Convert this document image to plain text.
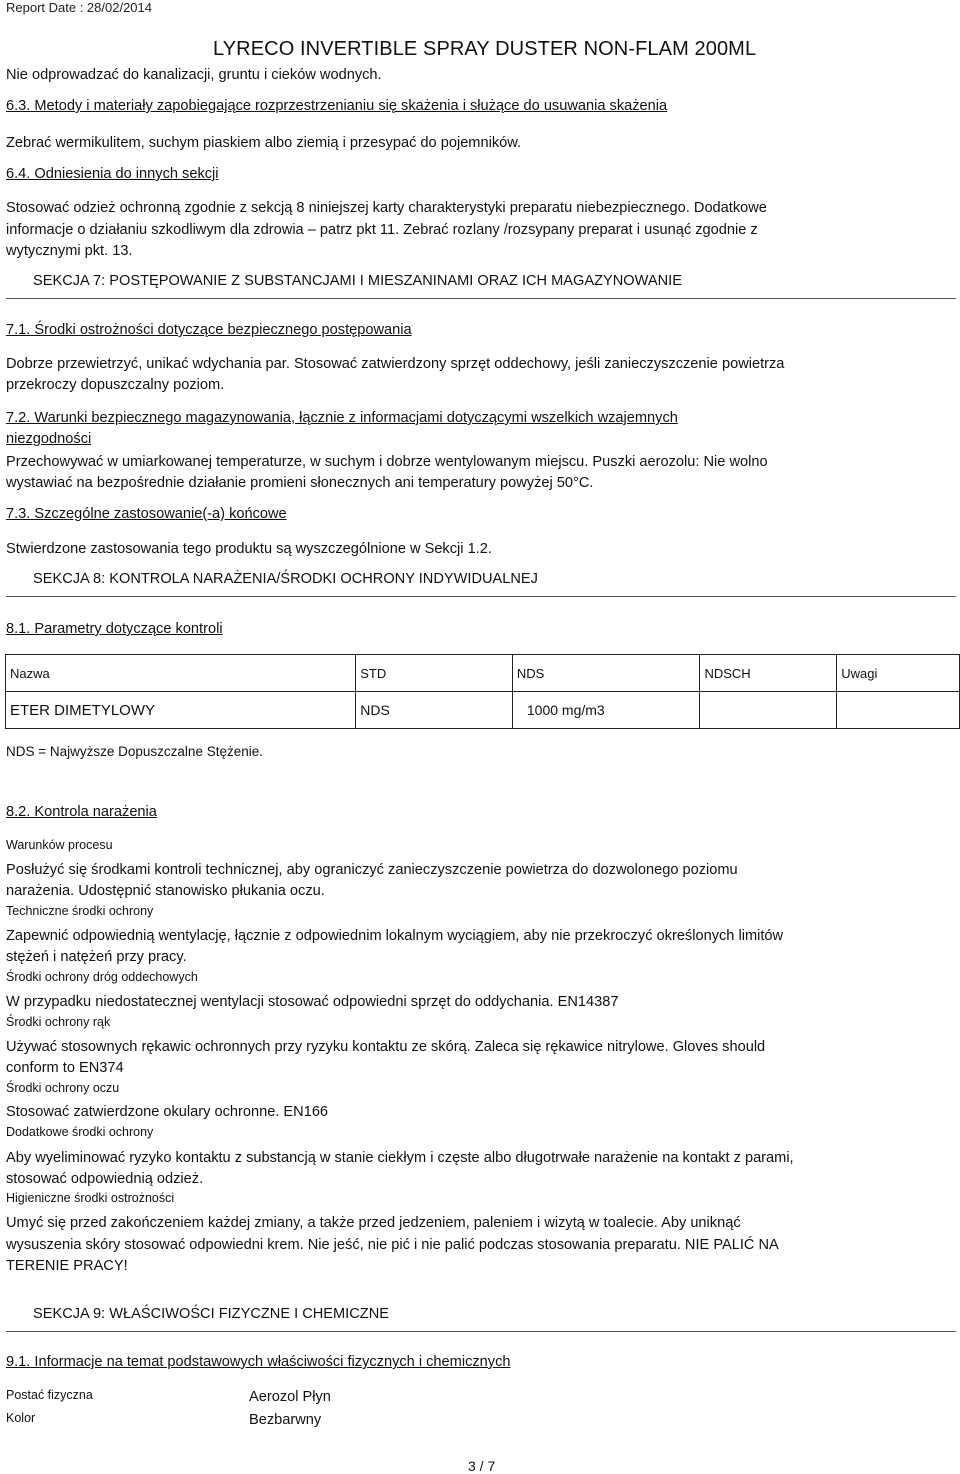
Report Date : 28/02/2014
LYRECO INVERTIBLE SPRAY DUSTER NON-FLAM 200ML
Nie odprowadzać do kanalizacji, gruntu i cieków wodnych.
6.3. Metody i materiały zapobiegające rozprzestrzenianiu się skażenia i służące do usuwania skażenia
Zebrać wermikulitem, suchym piaskiem albo ziemią i przesypać do pojemników.
6.4. Odniesienia do innych sekcji
Stosować odzież ochronną zgodnie z sekcją 8 niniejszej karty charakterystyki preparatu niebezpiecznego. Dodatkowe
informacje o działaniu szkodliwym dla zdrowia – patrz pkt 11. Zebrać rozlany /rozsypany preparat i usunąć zgodnie z
wytycznymi pkt. 13.
SEKCJA 7: POSTĘPOWANIE Z SUBSTANCJAMI I MIESZANINAMI ORAZ ICH MAGAZYNOWANIE
7.1. Środki ostrożności dotyczące bezpiecznego postępowania
Dobrze przewietrzyć, unikać wdychania par. Stosować zatwierdzony sprzęt oddechowy, jeśli zanieczyszczenie powietrza
przekroczy dopuszczalny poziom.
7.2. Warunki bezpiecznego magazynowania, łącznie z informacjami dotyczącymi wszelkich wzajemnych
niezgodności
Przechowywać w umiarkowanej temperaturze, w suchym i dobrze wentylowanym miejscu. Puszki aerozolu: Nie wolno
wystawiać na bezpośrednie działanie promieni słonecznych ani temperatury powyżej 50°C.
7.3. Szczególne zastosowanie(-a) końcowe
Stwierdzone zastosowania tego produktu są wyszczególnione w Sekcji 1.2.
SEKCJA 8: KONTROLA NARAŻENIA/ŚRODKI OCHRONY INDYWIDUALNEJ
8.1. Parametry dotyczące kontroli
Nazwa	STD	NDS	NDSCH	Uwagi
ETER DIMETYLOWY	NDS	1000 mg/m3		
NDS = Najwyższe Dopuszczalne Stężenie.
8.2. Kontrola narażenia
Warunków procesu
Posłużyć się środkami kontroli technicznej, aby ograniczyć zanieczyszczenie powietrza do dozwolonego poziomu
narażenia. Udostępnić stanowisko płukania oczu.
Techniczne środki ochrony
Zapewnić odpowiednią wentylację, łącznie z odpowiednim lokalnym wyciągiem, aby nie przekroczyć określonych limitów
stężeń i natężeń przy pracy.
Środki ochrony dróg oddechowych
W przypadku niedostatecznej wentylacji stosować odpowiedni sprzęt do oddychania. EN14387
Środki ochrony rąk
Używać stosownych rękawic ochronnych przy ryzyku kontaktu ze skórą. Zaleca się rękawice nitrylowe. Gloves should
conform to EN374
Środki ochrony oczu
Stosować zatwierdzone okulary ochronne. EN166
Dodatkowe środki ochrony
Aby wyeliminować ryzyko kontaktu z substancją w stanie ciekłym i częste albo długotrwałe narażenie na kontakt z parami,
stosować odpowiednią odzież.
Higieniczne środki ostrożności
Umyć się przed zakończeniem każdej zmiany, a także przed jedzeniem, paleniem i wizytą w toalecie. Aby uniknąć
wysuszenia skóry stosować odpowiedni krem. Nie jeść, nie pić i nie palić podczas stosowania preparatu. NIE PALIĆ NA
TERENIE PRACY!
SEKCJA 9: WŁAŚCIWOŚCI FIZYCZNE I CHEMICZNE
9.1. Informacje na temat podstawowych właściwości fizycznych i chemicznych
Postać fizyczna	Aerozol Płyn
Kolor	Bezbarwny
3 / 7
